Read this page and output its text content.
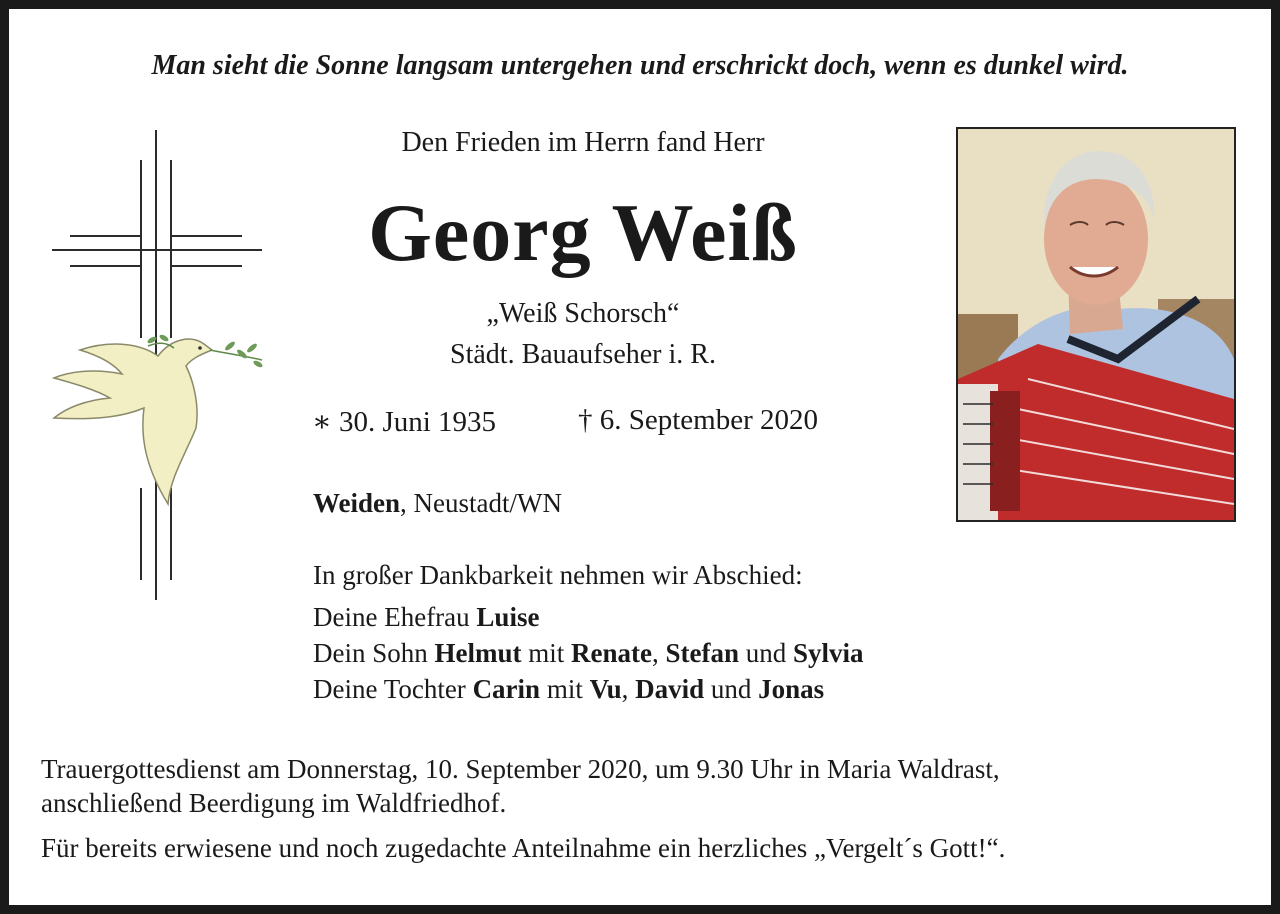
Man sieht die Sonne langsam untergehen und erschrickt doch, wenn es dunkel wird.
Den Frieden im Herrn fand Herr
Georg Weiß
„Weiß Schorsch“
Städt. Bauaufseher i. R.
∗ 30. Juni 1935	† 6. September 2020
Weiden, Neustadt/WN
In großer Dankbarkeit nehmen wir Abschied:
Deine Ehefrau Luise
Dein Sohn Helmut mit Renate, Stefan und Sylvia
Deine Tochter Carin mit Vu, David und Jonas
Trauergottesdienst am Donnerstag, 10. September 2020, um 9.30 Uhr in Maria Waldrast,
anschließend Beerdigung im Waldfriedhof.
Für bereits erwiesene und noch zugedachte Anteilnahme ein herzliches „Vergelt´s Gott!“.
